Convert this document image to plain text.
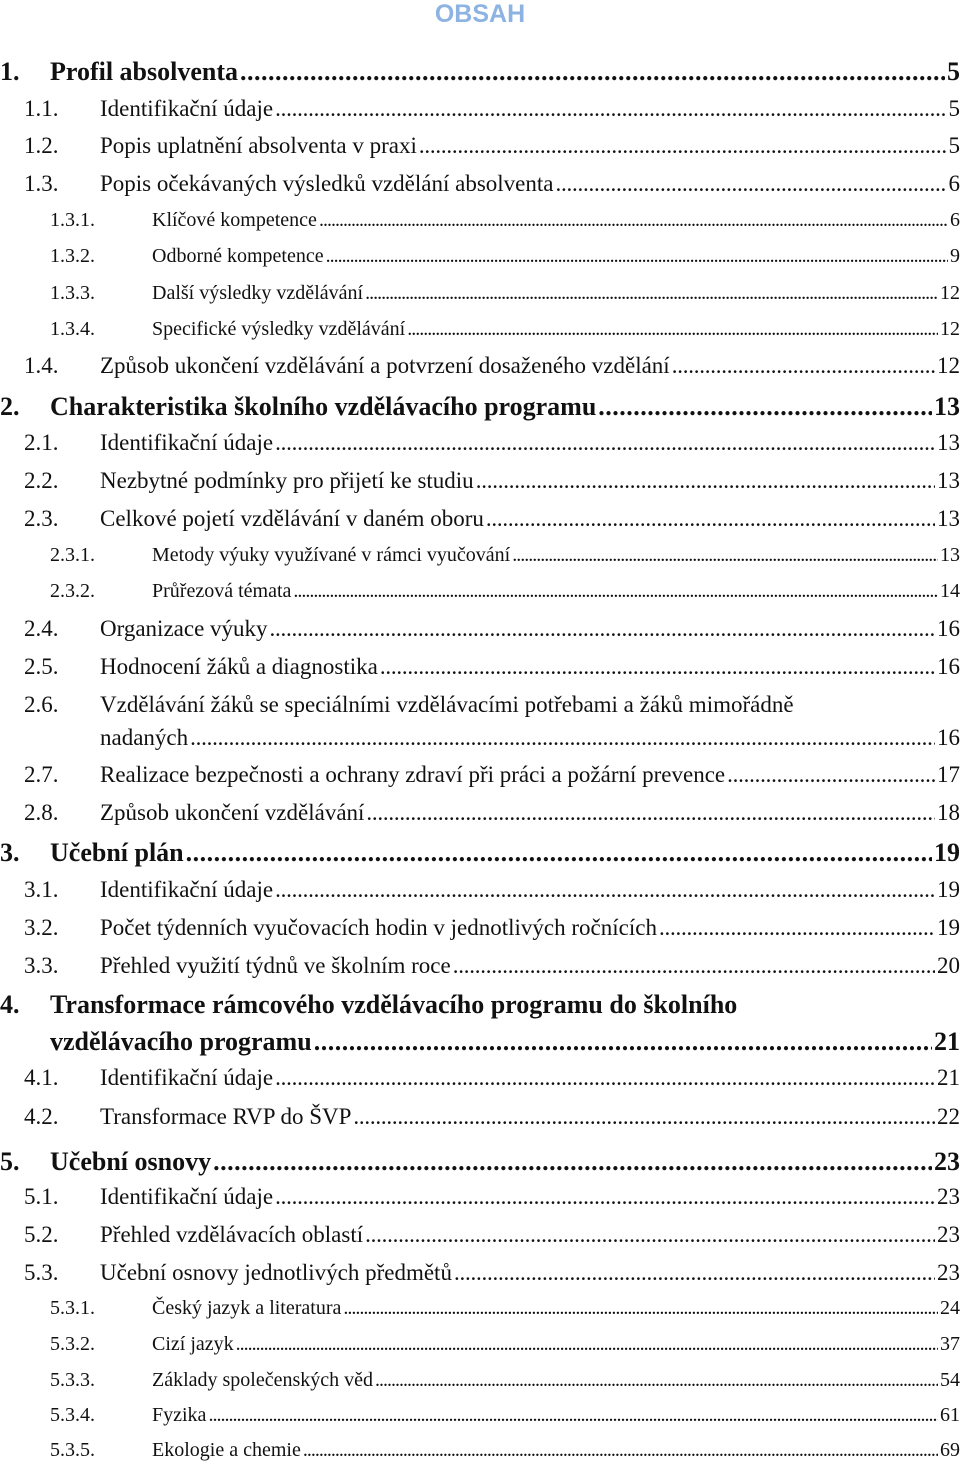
OBSAH
1.	Profil absolventa . . .	5
1.1.	Identifikační údaje . . .	5
1.2.	Popis uplatnění absolventa v praxi . . .	5
1.3.	Popis očekávaných výsledků vzdělání absolventa . . .	6
1.3.1.	Klíčové kompetence . . .	6
1.3.2.	Odborné kompetence . . .	9
1.3.3.	Další výsledky vzdělávání . . .	12
1.3.4.	Specifické výsledky vzdělávání . . .	12
1.4.	Způsob ukončení vzdělávání a potvrzení dosaženého vzdělání . . .	12
2.	Charakteristika školního vzdělávacího programu . . .	13
2.1.	Identifikační údaje . . .	13
2.2.	Nezbytné podmínky pro přijetí ke studiu . . .	13
2.3.	Celkové pojetí vzdělávání v daném oboru . . .	13
2.3.1.	Metody výuky využívané v rámci vyučování . . .	13
2.3.2.	Průřezová témata . . .	14
2.4.	Organizace výuky . . .	16
2.5.	Hodnocení žáků a diagnostika . . .	16
2.6.	Vzdělávání žáků se speciálními vzdělávacími potřebami a žáků mimořádně
nadaných . . .	16
2.7.	Realizace bezpečnosti a ochrany zdraví při práci a požární prevence . . .	17
2.8.	Způsob ukončení vzdělávání . . .	18
3.	Učební plán . . .	19
3.1.	Identifikační údaje . . .	19
3.2.	Počet týdenních vyučovacích hodin v jednotlivých ročnících . . .	19
3.3.	Přehled využití týdnů ve školním roce . . .	20
4.	Transformace rámcového vzdělávacího programu do školního
vzdělávacího programu . . .	21
4.1.	Identifikační údaje . . .	21
4.2.	Transformace RVP do ŠVP . . .	22
5.	Učební osnovy . . .	23
5.1.	Identifikační údaje . . .	23
5.2.	Přehled vzdělávacích oblastí . . .	23
5.3.	Učební osnovy jednotlivých předmětů . . .	23
5.3.1.	Český jazyk a literatura . . .	24
5.3.2.	Cizí jazyk . . .	37
5.3.3.	Základy společenských věd . . .	54
5.3.4.	Fyzika . . .	61
5.3.5.	Ekologie a chemie . . .	69
